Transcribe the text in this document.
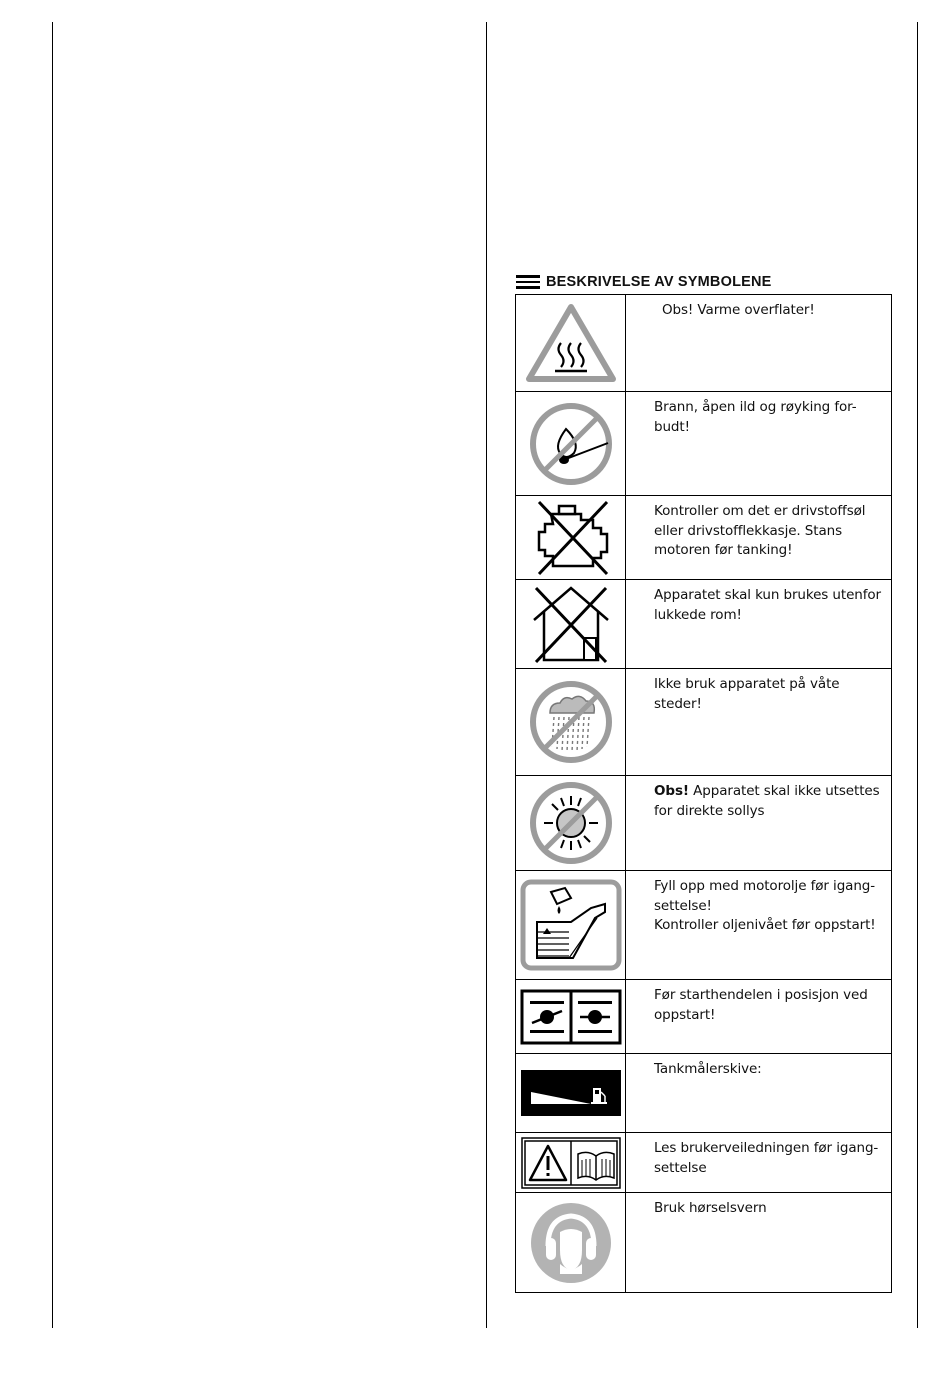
BESKRIVELSE AV SYMBOLENE
	Obs! Varme overflater!

	Brann, åpen ild og røyking for-
budt!

	Kontroller om det er drivstoffsøl
eller drivstofflekkasje. Stans
motoren før tanking!

	Apparatet skal kun brukes utenfor
lukkede rom!

	Ikke bruk apparatet på våte
steder!

	Obs! Apparatet skal ikke utsettes
for direkte sollys

	Fyll opp med motorolje før igang-
settelse!
Kontroller oljenivået før oppstart!

	Før starthendelen i posisjon ved
oppstart!

	Tankmålerskive:

	Les brukerveiledningen før igang-
settelse

	Bruk hørselsvern
